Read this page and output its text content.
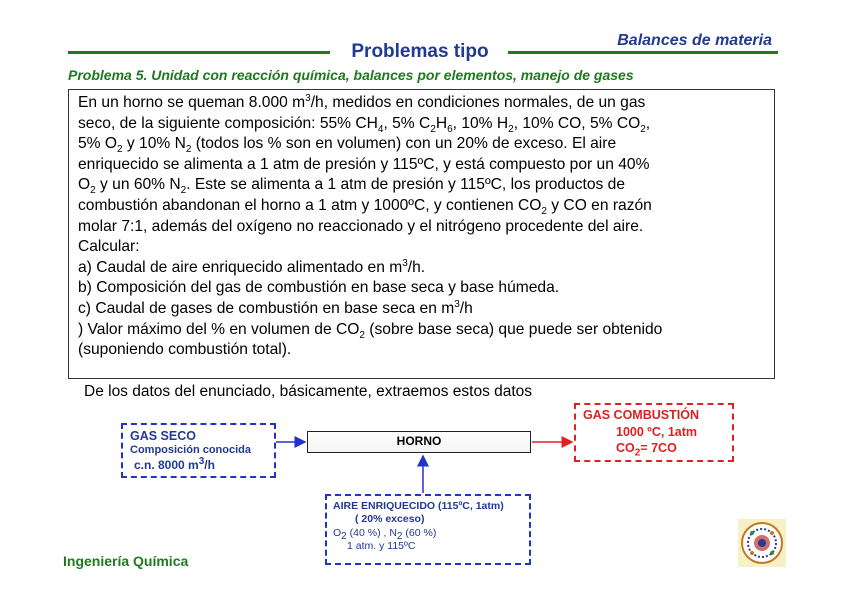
Balances de materia
Problemas tipo
Problema 5. Unidad con reacción química, balances por elementos, manejo de gases

En un horno se queman 8.000 $m^3/h$, medidos en condiciones normales, de un gas

seco, de la siguiente composición: 55% $CH_4$, 5% $C_2H_6$, 10% $H_2$, 10% CO, 5% $CO_2$,

5% $O_2$ y 10% $N_2$ (todos los % son en volumen) con un 20% de exceso. El aire

enriquecido se alimenta a 1 atm de presión y 115ºC, y está compuesto por un 40%

$O_2$ y un 60% $N_2$. Este se alimenta a 1 atm de presión y 115ºC, los productos de

combustión abandonan el horno a 1 atm y 1000ºC, y contienen $CO_2$ y CO en razón

molar 7:1, además del oxígeno no reaccionado y el nitrógeno procedente del aire.

Calcular:

a) Caudal de aire enriquecido alimentado en $m^3/h$.

b) Composición del gas de combustión en base seca y base húmeda.

c) Caudal de gases de combustión en base seca en $m^3/h$

) Valor máximo del % en volumen de $CO_2$ (sobre base seca) que puede ser obtenido

(suponiendo combustión total).

De los datos del enunciado, básicamente, extraemos estos datos
GAS SECO
Composición conocida
c.n. 8000 $m^3/h$
HORNO
GAS COMBUSTIÓN
1000 ºC, 1atm
$CO_2= 7CO$
AIRE ENRIQUECIDO (115ºC, 1atm)
( 20% exceso)
$O_2$ (40 %) , $N_2$ (60 %)
1 atm. y 115ºC
Ingeniería Química
